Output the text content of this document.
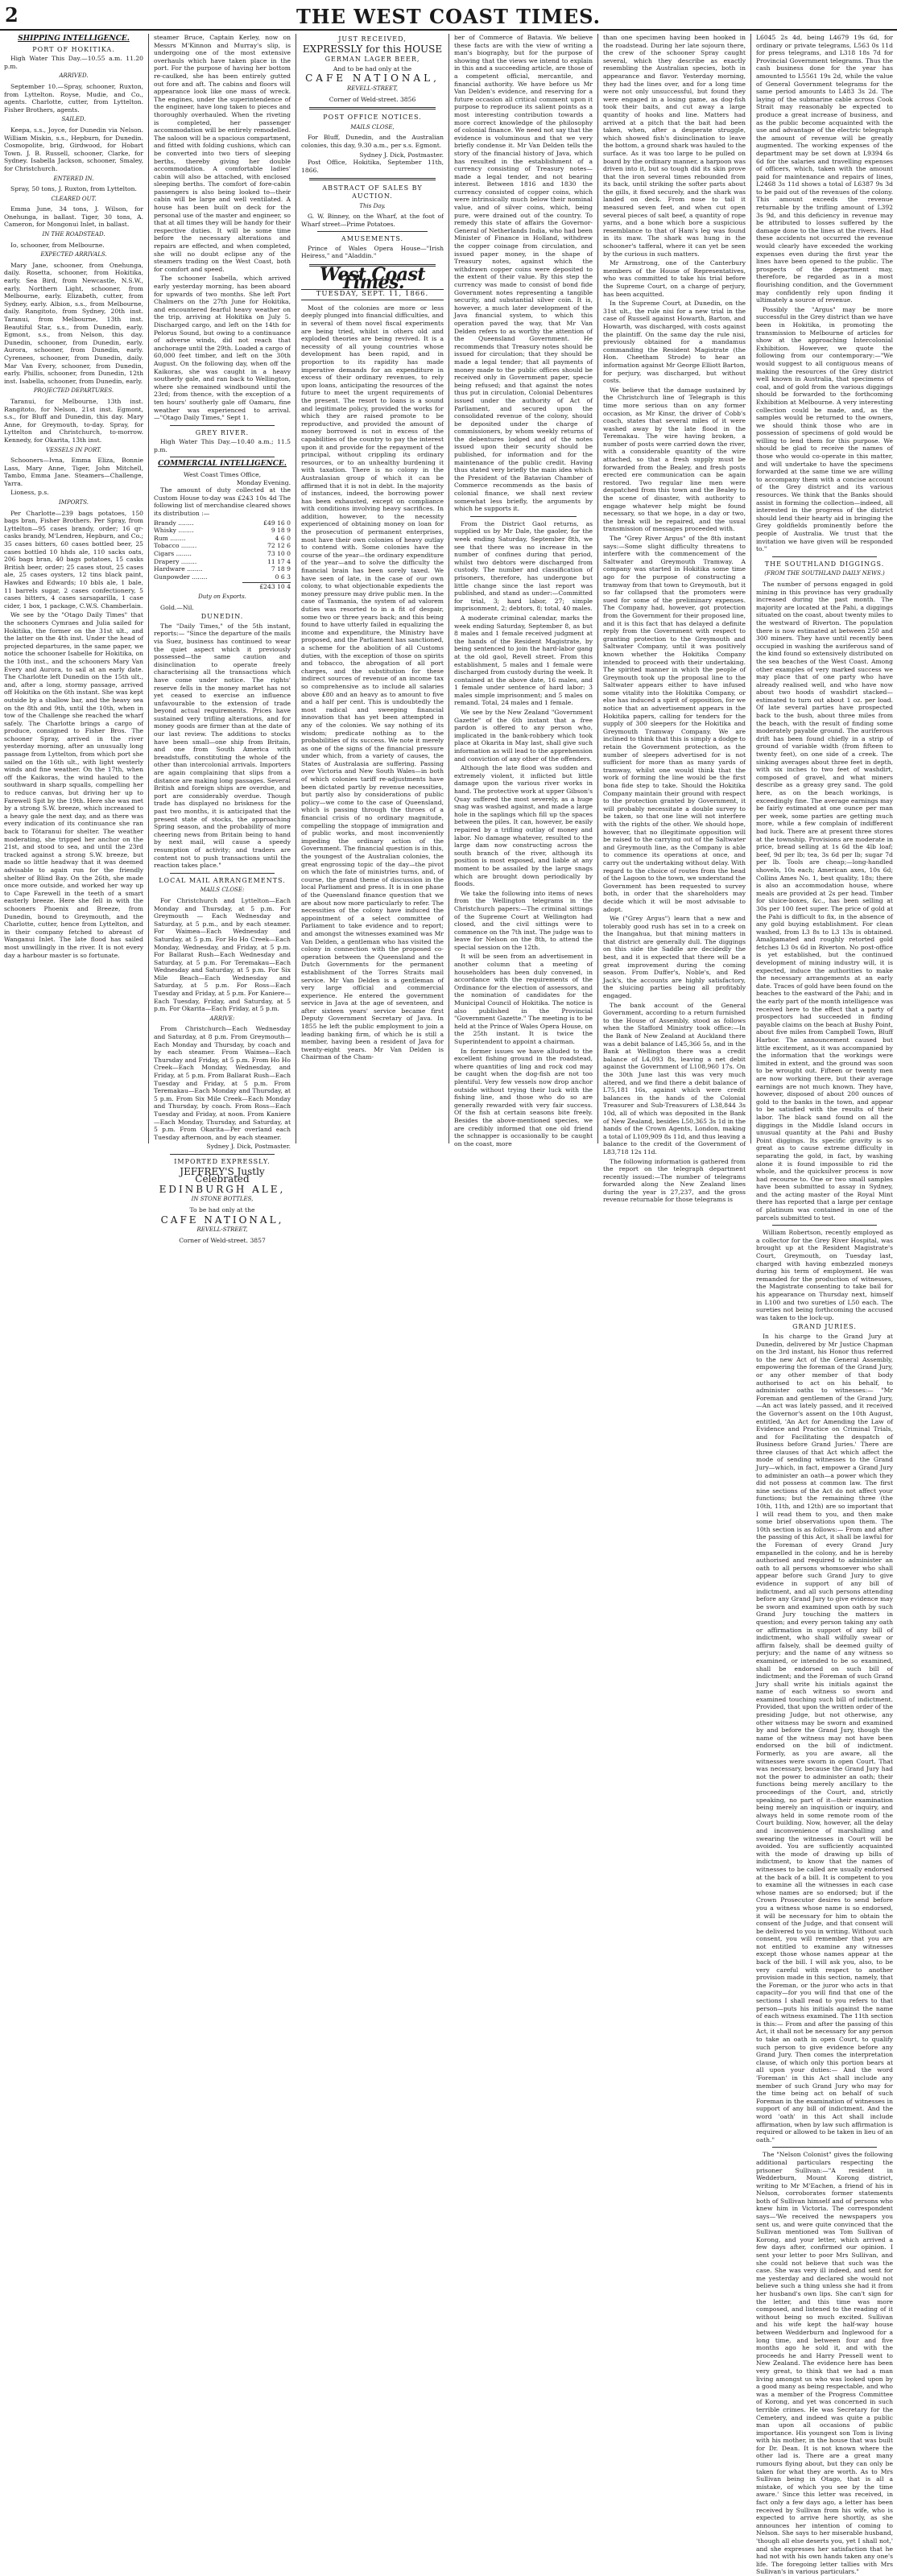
2	THE WEST COAST TIMES.
SHIPPING INTELLIGENCE.
PORT OF HOKITIKA.

High Water This Day.—10.55 a.m. 11.20 p.m.

ARRIVED.

September 10.—Spray, schooner, Ruxton, from Lyttelton. Royse, Mudie, and Co., agents. Charlotte, cutter, from Lyttelton. Fisher Brothers, agents.

SAILED.

Keepa, s.s., Joyce, for Dunedin via Nelson. William Miskin, s.s., Hepburn, for Dunedin. Cosmopolite, brig, Girdwood, for Hobart Town. J. B. Russell, schooner, Clarke, for Sydney. Isabella Jackson, schooner, Smaley, for Christchurch.

ENTERED IN.

Spray, 50 tons, J. Ruxton, from Lyttelton.

CLEARED OUT.

Emma June, 34 tons, J. Wilson, for Onehunga, in ballast. Tiger, 30 tons, A. Cameron, for Mongonui Inlet, in ballast.

IN THE ROADSTEAD.

Io, schooner, from Melbourne.

EXPECTED ARRIVALS.

Mary Jane, schooner, from Onehunga, daily. Rosetta, schooner, from Hokitika, early. Sea Bird, from Newcastle, N.S.W., early. Northern Light, schooner, from Melbourne, early. Elizabeth, cutter, from Sydney, early. Albion, s.s., from Melbourne, daily. Rangitoto, from Sydney, 20th inst. Taranui, from Melbourne, 13th inst. Beautiful Star, s.s., from Dunedin, early. Egmont, s.s., from Nelson, this day. Dunedin, schooner, from Dunedin, early. Aurora, schooner, from Dunedin, early. Cyrenees, schooner, from Dunedin, daily. Mar Van Every, schooner, from Dunedin, early. Phillis, schooner, from Dunedin, 12th inst. Isabella, schooner, from Dunedin, early.

PROJECTED DEPARTURES.

Taranui, for Melbourne, 13th inst. Rangitoto, for Nelson, 21st inst. Egmont, s.s., for Bluff and Dunedin, this day. Mary Anne, for Greymouth, to-day. Spray, for Lyttelton and Christchurch, to-morrow. Kennedy, for Okarita, 13th inst.

VESSELS IN PORT.

Schooners—Ivna, Emma Eliza, Bonnie Lass, Mary Anne, Tiger, John Mitchell, Tambo, Emma Jane. Steamers—Challenge, Yarra.

Lioness, p.s.

IMPORTS.

Per Charlotte—239 bags potatoes, 150 bags bran, Fisher Brothers. Per Spray, from Lyttelton—95 cases brandy, order; 16 qr-casks brandy, M'Lendren, Hepburn, and Co.; 35 cases bitters, 60 cases bottled beer, 25 cases bottled 10 hhds ale, 110 sacks oats, 206 bags bran, 40 bags potatoes, 15 casks British beer, order; 25 cases stout, 25 cases ale, 25 cases oysters, 12 tins black paint, Hawkes and Edwards; 10 bbls ale, 1 bale, 11 barrels sugar, 2 cases confectionery, 5 cases bitters, 4 cases sarsaparilla, 1 case cider, 1 box, 1 package, C.W.S. Chamberlain.

We see by the "Otago Daily Times" that the schooners Cymraes and Julia sailed for Hokitika, the former on the 31st ult., and the latter on the 4th inst. Under the head of projected departures, in the same paper, we notice the schooner Isabelle for Hokitika, on the 10th inst., and the schooners Mary Van Every and Aurora, to sail at an early date. The Charlotte left Dunedin on the 15th ult., and, after a long, stormy passage, arrived off Hokitika on the 6th instant. She was kept outside by a shallow bar, and the heavy sea on the 8th and 9th, until the 10th, when in tow of the Challenge she reached the wharf safely. The Charlotte brings a cargo of produce, consigned to Fisher Bros. The schooner Spray, arrived in the river yesterday morning, after an unusually long passage from Lyttelton, from which port she sailed on the 16th ult., with light westerly winds and fine weather. On the 17th, when off the Kaikoras, the wind hauled to the southward in sharp squalls, compelling her to reduce canvas, but driving her up to Farewell Spit by the 19th. Here she was met by a strong S.W. breeze, which increased to a heavy gale the next day, and as there was every indication of its continuance she ran back to Tôtaranui for shelter. The weather moderating, she tripped her anchor on the 21st, and stood to sea, and until the 23rd tracked against a strong S.W. breeze, but made so little headway that it was deemed advisable to again run for the friendly shelter of Blind Bay. On the 26th, she made once more outside, and worked her way up to Cape Farewell in the teeth of a smart easterly breeze. Here she fell in with the schooners Phoenix and Breeze, from Dunedin, bound to Greymouth, and the Charlotte, cutter, hence from Lyttelton, and in their company fetched to abreast of Wanganui Inlet. The late flood has sailed most unwillingly in the river. It is not every day a harbour master is so fortunate.

steamer Bruce, Captain Kerley, now on Messrs M'Kinnon and Murray's slip, is undergoing one of the most extensive overhauls which have taken place in the port. For the purpose of having her bottom re-caulked, she has been entirely gutted out fore and aft. The cabins and floors will appearance look like one mass of wreck. The engines, under the superintendence of the engineer, have long taken to pieces and thoroughly overhauled. When the riveting is completed, her passenger accommodation will be entirely remodelled. The saloon will be a spacious compartment, and fitted with folding cushions, which can be converted into two tiers of sleeping berths, thereby giving her double accommodation. A comfortable ladies' cabin will also be attached, with enclosed sleeping berths. The comfort of fore-cabin passengers is also being looked to—their cabin will be large and well ventilated. A house has been built on deck for the personal use of the master and engineer, so that at all times they will be handy for their respective duties. It will be some time before the necessary alterations and repairs are effected, and when completed, she will no doubt eclipse any of the steamers trading on the West Coast, both for comfort and speed.

The schooner Isabella, which arrived early yesterday morning, has been aboard for upwards of two months. She left Port Chalmers on the 27th June for Hokitika, and encountered fearful heavy weather on the trip, arriving at Hokitika on July 5. Discharged cargo, and left on the 14th for Pelorus Sound, but owing to a continuance of adverse winds, did not reach that anchorage until the 29th. Loaded a cargo of 60,000 feet timber, and left on the 30th August. On the following day, when off the Kaikoras, she was caught in a heavy southerly gale, and ran back to Wellington, where she remained windbound until the 23rd; from thence, with the exception of a ten hours' southerly gale off Oamaru, fine weather was experienced to arrival.—"Otago Daily Times," Sept 1.

GREY RIVER.

High Water This Day.—10.40 a.m.; 11.5 p.m.

COMMERCIAL INTELLIGENCE.
West Coast Times Office,
Monday Evening.

The amount of duty collected at the Custom House to-day was £243 10s 4d The following list of merchandise cleared shows its distribution :—

Brandy ........	£49 16 0
Whisky ........	9 18 9
Rum ........	4 6 0
Tobacco ........	72 12 6
Cigars ........	73 10 0
Drapery ........	11 17 4
Hardware ........	7 18 9
Gunpowder ........	0 6 3
£243 10 4
Duty on Exports.

Gold.—Nil.

DUNEDIN.

The "Daily Times," of the 5th instant, reports:— "Since the departure of the mails via Suez, business has continued to wear the quiet aspect which it previously possessed—the same caution and disinclination to operate freely characterising all the transactions which have come under notice. The rights' reserve fells in the money market has not yet ceased to exercise an influence unfavourable to the extension of trade beyond actual requirements. Prices have sustained very trifling alterations, and for money goods are firmer than at the date of our last review. The additions to stocks have been small—one ship from Britain, and one from South America with breadstuffs, constituting the whole of the other than intercolonial arrivals. Importers are again complaining that slips from a distance are making long passages. Several British and foreign ships are overdue, and port are considerably overdue. Though trade has displayed no briskness for the past two months, it is anticipated that the present state of stocks, the approaching Spring season, and the probability of more cheering news from Britain being to hand by next mail, will cause a speedy resumption of activity; and traders are content not to push transactions until the reaction takes place."

LOCAL MAIL ARRANGEMENTS.
MAILS CLOSE:

For Christchurch and Lyttelton—Each Monday and Thursday, at 5 p.m. For Greymouth — Each Wednesday and Saturday, at 5 p.m., and by each steamer. For Waimea—Each Wednesday and Saturday, at 5 p.m. For Ho Ho Creek—Each Monday, Wednesday, and Friday, at 5 p.m. For Ballarat Rush—Each Wednesday and Saturday, at 5 p.m. For Teremakau—Each Wednesday and Saturday, at 5 p.m. For Six Mile Beach—Each Wednesday and Saturday, at 5 p.m. For Ross—Each Tuesday and Friday, at 5 p.m. For Kaniere—Each Tuesday, Friday, and Saturday, at 5 p.m. For Okarita—Each Friday, at 5 p.m.

ARRIVE:

From Christchurch—Each Wednesday and Saturday, at 8 p.m. From Greymouth—Each Monday and Thursday, by coach and by each steamer. From Waimea—Each Thursday and Friday, at 5 p.m. From Ho Ho Creek—Each Monday, Wednesday, and Friday, at 5 p.m. From Ballarat Rush—Each Tuesday and Friday, at 5 p.m. From Teremakau—Each Monday and Thursday, at 5 p.m. From Six Mile Creek—Each Monday and Thursday, by coach. From Ross—Each Tuesday and Friday, at noon. From Kaniere—Each Monday, Thursday, and Saturday, at 5 p.m. From Okarita—Per overland each Tuesday afternoon, and by each steamer.

Sydney J. Dick, Postmaster.
IMPORTED EXPRESSLY.
JEFFREY'S Justly Celebrated
EDINBURGH ALE,
IN STONE BOTTLES,
To be had only at the
CAFE NATIONAL,
REVELL-STREET,
Corner of Weld-street. 3857
JUST RECEIVED,
EXPRESSLY for this HOUSE
GERMAN LAGER BEER,
And to be had only at the
CAFE NATIONAL,
REVELL-STREET,
Corner of Weld-street. 3856
POST OFFICE NOTICES.
MAILS CLOSE,

For Bluff, Dunedin, and the Australian colonies, this day, 9.30 a.m., per s.s. Egmont.

Sydney J. Dick, Postmaster.

Post Office, Hokitika, September 11th, 1866.

ABSTRACT OF SALES BY AUCTION.
This Day.

G. W. Binney, on the Wharf, at the foot of Wharf street—Prime Potatoes.

AMUSEMENTS.

Prince of Wales Opera House—"Irish Heiress," and "Aladdin."

West Coast Times.
TUESDAY, SEPT. 11, 1866.

Most of the colonies are more or less deeply plunged into financial difficulties, and in several of them novel fiscal experiments are being tried, whilst in others old and exploded theories are being revived. It is a necessity of all young countries whose development has been rapid, and in proportion to its rapidity has made imperative demands for an expenditure in excess of their ordinary revenues, to rely upon loans, anticipating the resources of the future to meet the urgent requirements of the present. The resort to loans is a sound and legitimate policy, provided the works for which they are raised promote to be reproductive, and provided the amount of money borrowed is not in excess of the capabilities of the country to pay the interest upon it and provide for the repayment of the principal, without crippling its ordinary resources, or to an unhealthy burdening it with taxation. There is no colony in the Australasian group of which it can be affirmed that it is not in debt. In the majority of instances, indeed, the borrowing power has been exhausted, except on compliance with conditions involving heavy sacrifices. In addition, however, to the necessity experienced of obtaining money on loan for the prosecution of permanent enterprises, most have their own colonies of heavy outlay to contend with. Some colonies have the course of the year—the ordinary expenditure of the year—and to solve the difficulty the financial brain has been sorely taxed. We have seen of late, in the case of our own colony, to what objectionable expedients the money pressure may drive public men. In the case of Tasmania, the system of ad valorem duties was resorted to in a fit of despair, some two or three years back; and this being found to have utterly failed in equalizing the income and expenditure, the Ministry have proposed, and the Parliament has sanctioned, a scheme for the abolition of all Customs duties, with the exception of those on spirits and tobacco, the abrogation of all port charges, and the substitution for these indirect sources of revenue of an income tax so comprehensive as to include all salaries above £80 and an heavy as to amount to five and a half per cent. This is undoubtedly the most radical and sweeping financial innovation that has yet been attempted in any of the colonies. We say nothing of its wisdom; predicate nothing as to the probabilities of its success. We note it merely as one of the signs of the financial pressure under which, from a variety of causes, the States of Australasia are suffering. Passing over Victoria and New South Wales—in both of which colonies tariff re-adjustments have been dictated partly by revenue necessities, but partly also by considerations of public policy—we come to the case of Queensland, which is passing through the throes of a financial crisis of no ordinary magnitude, compelling the stoppage of immigration and of public works, and most inconveniently impeding the ordinary action of the Government. The financial question is in this, the youngest of the Australian colonies, the great engrossing topic of the day—the pivot on which the fate of ministries turns, and, of course, the grand theme of discussion in the local Parliament and press. It is in one phase of the Queensland finance question that we are about now more particularly to refer. The necessities of the colony have induced the appointment of a select committee of Parliament to take evidence and to report; and amongst the witnesses examined was Mr Van Delden, a gentleman who has visited the colony in connection with the proposed co-operation between the Queensland and the Dutch Governments for the permanent establishment of the Torres Straits mail service. Mr Van Delden is a gentleman of very large official and commercial experience. He entered the government service in Java at the age of seventeen, and after sixteen years' service became first Deputy Government Secretary of Java. In 1855 he left the public employment to join a leading banking firm, of which he is still a member, having been a resident of Java for twenty-eight years. Mr Van Delden is Chairman of the Cham-

ber of Commerce of Batavia. We believe these facts are with the view of writing a man's biography, but for the purpose of showing that the views we intend to explain in this and a succeeding article, are those of a competent official, mercantile, and financial authority. We have before us Mr Van Delden's evidence, and reserving for a future occasion all critical comment upon it purpose to reproduce its salient points as a most interesting contribution towards a more correct knowledge of the philosophy of colonial finance. We need not say that the evidence is voluminous and that we very briefly condense it. Mr Van Delden tells the story of the financial history of Java, which has resulted in the establishment of a currency consisting of Treasury notes—made a legal tender, and not bearing interest. Between 1816 and 1830 the currency consisted of copper coins, which were intrinsically much below their nominal value, and of silver coins, which, being pure, were drained out of the country. To remedy this state of affairs the Governor-General of Netherlands India, who had been Minister of Finance in Holland, withdrew the copper coinage from circulation, and issued paper money, in the shape of Treasury notes, against which the withdrawn copper coins were deposited to the extent of their value. By this step the currency was made to consist of bond fide Government notes representing a tangible security, and substantial silver coin. It is, however, a much later development of the Java financial system, to which this operation paved the way, that Mr Van Delden refers to as worthy the attention of the Queensland Government. He recommends that Treasury notes should be issued for circulation; that they should be made a legal tender; that all payments of money made to the public offices should be received only in Government paper, specie being refused; and that against the notes thus put in circulation, Colonial Debentures issued under the authority of Act of Parliament, and secured upon the consolidated revenue of the colony, should be deposited under the charge of commissioners, by whom weekly returns of the debentures lodged and of the notes issued upon their security should be published, for information and for the maintenance of the public credit. Having thus stated very briefly the main idea which the President of the Batavian Chamber of Commerce recommends as the basis of colonial finance, we shall next review somewhat less briefly, the arguments by which he supports it.

From the District Gaol returns, as supplied us by Mr Dale, the gaoler, for the week ending Saturday, September 8th, we see that there was no increase in the number of confines during that period, whilst two debtors were discharged from custody. The number and classification of prisoners, therefore, has undergone but little change since the last report was published, and stand as under:—Committed for trial, 3; hard labor, 27; simple imprisonment, 2; debtors, 8; total, 40 males.

A moderate criminal calendar, marks the week ending Saturday, September 8, as but 8 males and 1 female received judgment at the hands of the Resident Magistrate, by being sentenced to join the hard-labor gang at the old gaol, Revell street. From this establishment, 5 males and 1 female were discharged from custody during the week. It contained at the above date, 16 males, and 1 female under sentence of hard labor; 3 males simple imprisonment; and 5 males on remand. Total, 24 males and 1 female.

We see by the New Zealand "Government Gazette" of the 6th instant that a free pardon is offered to any person who, implicated in the bank-robbery which took place at Okarita in May last, shall give such information as will lead to the apprehension and conviction of any other of the offenders.

Although the late flood was sudden and extremely violent, it inflicted but little damage upon the various river works in hand. The protective work at upper Gibson's Quay suffered the most severely, as a huge snag was washed against, and made a large hole in the saplings which fill up the spaces between the piles. It can, however, be easily repaired by a trifling outlay of money and labor. No damage whatever, resulted to the large dam now constructing across the south branch of the river, although its position is most exposed, and liable at any moment to be assailed by the large snags which are brought down periodically by floods.

We take the following into items of news from the Wellington telegrams in the Christchurch papers:—The criminal sittings of the Supreme Court at Wellington had closed, and the civil sittings were to commence on the 7th inst. The judge was to leave for Nelson on the 8th, to attend the special session on the 12th.

It will be seen from an advertisement in another column that a meeting of householders has been duly convened, in accordance with the requirements of the Ordinance for the election of assessors, and the nomination of candidates for the Municipal Council of Hokitika. The notice is also published in the Provincial "Government Gazette." The meeting is to be held at the Prince of Wales Opera House, on the 25th instant. It is twice the Superintendent to appoint a chairman.

In former issues we have alluded to the excellent fishing ground in the roadstead, where quantities of ling and rock cod may be caught when the dog-fish are not too plentiful. Very few vessels now drop anchor outside without trying their luck with the fishing line, and those who do so are generally rewarded with very fair success. Of the fish at certain seasons bite freely. Besides the above-mentioned species, we are credibly informed that one old friend the schnapper is occasionally to be caught on the coast, more

than one specimen having been hooked in the roadstead. During her late sojourn there, the crew of the schooner Spray caught several, which they describe as exactly resembling the Australian species, both in appearance and flavor. Yesterday morning, they had the lines over, and for a long time were not only unsuccessful, but found they were engaged in a losing game, as dog-fish took their baits, and cut away a large quantity of hooks and line. Matters had arrived at a pitch that the bait had been taken, when, after a desperate struggle, which showed fish's disinclination to leave the bottom, a ground shark was hauled to the surface. As it was too large to be pulled on board by the ordinary manner, a harpoon was driven into it, but so tough did its skin prove that the iron several times rebounded from its back, until striking the softer parts about the gills, it fixed securely, and the shark was landed on deck. From nose to tail it measured seven feet, and when cut open several pieces of salt beef, a quantity of rope yarns, and a bone which bore a suspicious resemblance to that of Ham's leg was found in its maw. The shark was hung in the schooner's tafferal, where it can yet be seen by the curious in such matters.

Mr Armstrong, one of the Canterbury members of the House of Representatives, who was committed to take his trial before the Supreme Court, on a charge of perjury, has been acquitted.

In the Supreme Court, at Dunedin, on the 31st ult., the rule nisi for a new trial in the case of Russell against Howarth, Barton, and Howarth, was discharged, with costs against the plaintiff. On the same day the rule nisi, previously obtained for a mandamus commanding the Resident Magistrate (the Hon. Cheetham Strode) to hear an information against Mr George Elliott Barton, for perjury, was discharged, but without costs.

We believe that the damage sustained by the Christchurch line of Telegraph is this time more serious than on any former occasion, as Mr Kinsr, the driver of Cobb's coach, states that several miles of it were washed away by the late flood in the Teremakau. The wire having broken, a number of posts were carried down the river, with a considerable quantity of the wire attached, so that a fresh supply must be forwarded from the Bealey, and fresh posts erected ere communication can be again restored. Two regular line men were despatched from this town and the Bealey to the scene of disaster, with authority to engage whatever help might be found necessary, so that we hope, in a day or two, the break will be repaired, and the usual transmission of messages proceeded with.

The "Grey River Argus" of the 8th instant says:—Some slight difficulty threatens to interfere with the commencement of the Saltwater and Greymouth Tramway. A company was started in Hokitika some time ago for the purpose of constructing a tramway from that town to Greymouth, but it so far collapsed that the promoters were sued for some of the preliminary expenses. The Company had, however, got protection from the Government for their proposed line, and it is this fact that has delayed a definite reply from the Government with respect to granting protection to the Greymouth and Saltwater Company, until it was positively known whether the Hokitika Company intended to proceed with their undertaking. The spirited manner in which the people of Greymouth took up the proposal line to the Saltwater appears either to have infused some vitality into the Hokitika Company, or else has induced a spirit of opposition, for we notice that an advertisement appears in the Hokitika papers, calling for tenders for the supply of 300 sleepers for the Hokitika and Greymouth Tramway Company. We are inclined to think that this is simply a dodge to retain the Government protection, as the number of sleepers advertised for is not sufficient for more than as many yards of tramway, whilst one would think that the work of forming the line would be the first bona fide step to take. Should the Hokitika Company maintain their ground with respect to the protection granted by Government, it will probably necessitate a double survey to be taken, so that one line will not interfere with the rights of the other. We should hope, however, that no illegitimate opposition will be raised to the carrying out of the Saltwater and Greymouth line, as the Company is able to commence its operations at once, and carry out the undertaking without delay. With regard to the choice of routes from the head of the Lagoon to the town, we understand the Government has been requested to survey both, in order that the shareholders may decide which it will be most advisable to adopt.

We ("Grey Argus") learn that a new and tolerably good rush has set in to a creek on the Inangahua, but that mining matters in that district are generally dull. The diggings on this side the Saddle are decidedly the best, and it is expected that there will be a great improvement during the coming season. From Duffer's, Noble's, and Red Jack's, the accounts are highly satisfactory, the sluicing parties being all profitably engaged.

The bank account of the General Government, according to a return furnished to the House of Assembly, stood as follows when the Stafford Ministry took office:—In the Bank of New Zealand at Auckland there was a debit balance of L45,366 5s, and in the Bank at Wellington there was a credit balance of L4,093 8s, leaving a net debit against the Government of L108,960 17s. On the 30th June last this was very much altered, and we find there a debit balance of L75,181 16s, against which were credit balances in the hands of the Colonial Treasurer and Sub-Treasurers of L38,844 3s 10d, all of which was deposited in the Bank of New Zealand, besides L50,365 3s 1d in the hands of the Crown Agents, London, making a total of L109,909 8s 11d, and thus leaving a balance to the credit of the Government of L83,718 12s 11d.

The following information is gathered from the report on the telegraph department recently issued:—The number of telegrams forwarded along the New Zealand lines during the year is 27,237, and the gross revenue returnable for those telegrams is

L6045 2s 4d, being L4679 19s 6d, for ordinary or private telegrams, L563 0s 11d for press telegrams, and L318 18s 7d for Provincial Government telegrams. Thus the cash business done for the year has amounted to L5561 19s 2d, while the value of General Government telegrams for the same period amounts to L483 3s 2d. The laying of the submarine cable across Cook Strait may reasonably be expected to produce a great increase of business, and as the public become acquainted with the use and advantage of the electric telegraph the amount of revenue will be greatly augmented. The working expenses of the department may be set down at L9394 6s 6d for the salaries and travelling expenses of officers, which, taken with the amount paid for maintenance and repairs of lines, L2468 3s 11d shows a total of L6387 9s 3d to be paid out of the revenues of the colony. This amount exceeds the revenue returnable by the trifling amount of L392 3s 9d, and this deficiency in revenue may be attributed to losses suffered by the damage done to the lines at the rivers. Had these accidents not occurred the revenue would clearly have exceeded the working expenses even during the first year the lines have been opened to the public. The prospects of the department may, therefore, be regarded as in a most flourishing condition, and the Government may confidently rely upon finding it ultimately a source of revenue.

Possibly the "Argus" may be more successful in the Grey district than we have been in Hokitika, in promoting the transmission to Melbourne of articles for show at the approaching Intercolonial Exhibition. However, we quote the following from our contemporary:—"We would suggest to all contiguous means of making the resources of the Grey district well known in Australia, that specimens of coal, and of gold from the various diggings should be forwarded to the forthcoming Exhibition at Melbourne. A very interesting collection could be made, and, as the samples would be returned to the owners, we should think those who are in possession of specimens of gold would be willing to lend them for this purpose. We should be glad to receive the names of those who would co-operate in this matter, and will undertake to have the specimens forwarded at the same time we are willing to accompany them with a concise account of the Grey district and its various resources. We think that the Banks should assist in forming the collection—indeed, all interested in the progress of the district should lend their hearty aid in bringing the Grey goldfields prominently before the people of Australia. We trust that the invitation we have given will be responded to."

THE SOUTHLAND DIGGINGS.
(FROM THE SOUTHLAND DAILY NEWS.)

The number of persons engaged in gold mining in this province has very gradually increased during the past month. The majority are located at the Pahi, a diggings situated on the coast, about twenty miles to the westward of Riverton. The population there is now estimated at between 250 and 300 miners. They have until recently been occupied in washing the auriferous sand of the kind found so extensively distributed on the sea beaches of the West Coast. Among other examples of very marked success we may place that of one party who have already realised well, and who have now about two hoods of washdirt stacked—estimated to turn out about 1 oz. per load. Of late several parties have prospected back to the bush, about three miles from the beach, with the result of finding some moderately payable ground. The auriferous drift has been found chiefly in a strip of ground of variable width (from fifteen to twenty feet), on one side of a creek. The sinking averages about three feet in depth, with six inches to two feet of washdirt, composed of gravel, and what miners describe as a greasy grey sand. The gold here, as on the beach workings, is exceedingly fine. The average earnings may be fairly estimated at one ounce per man per week, some parties are getting much more, while a few complain of indifferent bad luck. There are at present three stores at the township. Provisions are moderate in price, bread selling at 1s 6d the 4lb loaf; beef, 9d per lb; tea, 3s 6d per lb; sugar 7d per lb. Tools are cheap;—long-handled shovels, 10s each; American axes, 10s 6d; Collins Ames No. 1, best quality, 18s; there is also an accommodation house, where meals are provided at 2s per head. Timber for sluice-boxes, &c., has been selling at 30s per 100 feet super. The price of gold at the Pahi is difficult to fix, in the absence of any gold buying establishment. For clean washed, from L3 8s to L3 13s is obtained. Amalgamated and roughly retorted gold fetches L3 0s 6d in Riverton. No post-office is yet established, but the continued development of mining industry will, it is expected, induce the authorities to make the necessary arrangements at an early date. Traces of gold have been found on the beaches to the eastward of the Pahi; and in the early part of the month intelligence was received here to the effect that a party of prospectors had succeeded in finding payable claims on the beach at Bushy Point, about five miles from Campbell Town, Bluff Harbor. The announcement caused but little excitement, as it was accompanied by the information that the workings were limited in extent, and the ground was soon to be wrought out. Fifteen or twenty men are now working there, but their average earnings are not much known. They have, however, disposed of about 200 ounces of gold to the banks in the town, and appear to be satisfied with the results of their labor. The black sand found on all the diggings in the Middle Island occurs in unusual quantity at the Pahi and Bushy Point diggings. Its specific gravity is so great as to cause extreme difficulty in separating the gold, in fact, by washing alone it is found impossible to rid the whole, and the quicksilver process is now had recourse to. One or two small samples have been submitted to assay in Sydney, and the acting master of the Royal Mint there has reported that a large per centage of platinum was contained in one of the parcels submitted to test.

William Robertson, recently employed as a collector for the Grey River Hospital, was brought up at the Resident Magistrate's Court, Greymouth, on Tuesday last, charged with having embezzled moneys during his term of employment. He was remanded for the production of witnesses, the Magistrate consenting to take bail for his appearance on Thursday next, himself in L100 and two sureties of L50 each. The sureties not being forthcoming the accused was taken to the lock-up.

GRAND JURIES.

In his charge to the Grand Jury at Dunedin, delivered by Mr Justice Chapman on the 3rd instant, his Honor thus referred to the new Act of the General Assembly, empowering the foreman of the Grand Jury, or any other member of that body authorised to act on his behalf, to administer oaths to witnesses:— "Mr Foreman and gentlemen of the Grand Jury,—An act was lately passed, and it received the Governor's assent on the 10th August, entitled, 'An Act for Amending the Law of Evidence and Practice on Criminal Trials, and for Facilitating the despatch of Business before Grand Juries.' There are three clauses of that Act which affect the mode of sending witnesses to the Grand Jury—which, in fact, empower a Grand Jury to administer an oath—a power which they did not possess at common law. The first nine sections of the Act do not affect your functions; but the remaining three (the 10th, 11th, and 12th) are so important that I will read them to you, and then make some brief observations upon them. The 10th section is as follows:— From and after the passing of this Act, it shall be lawful for the Foreman of every Grand Jury empanelled in the colony, and he is hereby authorised and required to administer an oath to all persons whomsoever who shall appear before such Grand Jury to give evidence in support of any bill of indictment, and all such persons attending before any Grand Jury to give evidence may be sworn and examined upon oath by such Grand Jury touching the matters in question; and every person taking any oath or affirmation in support of any bill of indictment, who shall wilfully swear or affirm falsely, shall be deemed guilty of perjury; and the name of any witness so examined, or intended to be so examined, shall be endorsed on such bill of indictment; and the Foreman of such Grand Jury shall write his initials against the name of each witness so sworn and examined touching such bill of indictment. Provided, that upon the written order of the presiding Judge, but not otherwise, any other witness may be sworn and examined by and before the Grand Jury, though the name of the witness may not have been endorsed on the bill of indictment. Formerly, as you are aware, all the witnesses were sworn in open Court. That was necessary, because the Grand Jury had not the power to administer an oath; their functions being merely ancillary to the proceedings of the Court, and, strictly speaking, no part of it—their examination being merely an inquisition or inquiry, and always held in some remote room of the Court building. Now, however, all the delay and inconvenience of marshalling and swearing the witnesses in Court will be avoided. You are sufficiently acquainted with the mode of drawing up bills of indictment, to know that the names of witnesses to be called are usually endorsed at the back of a bill. It is competent to you to examine all the witnesses in each case whose names are so endorsed; but if the Crown Prosecutor desires to send before you a witness whose name is so endorsed, it will be necessary for him to obtain the consent of the Judge, and that consent will be delivered to you in writing. Without such consent, you will remember that you are not entitled to examine any witnesses except those whose names appear at the back of the bill. I will ask you, also, to be very careful with respect to another provision made in this section, namely, that the Foreman, or the juror who acts in that capacity—for you will find that one of the sections I shall read to you refers to that person—puts his initials against the name of each witness examined. The 11th section is this:— From and after the passing of this Act, it shall not be necessary for any person to take an oath in open Court, to qualify such person to give evidence before any Grand Jury. Then comes the interpretation clause, of which only this portion bears at all upon your duties:— And the word 'Foreman' in this Act shall include any member of such Grand Jury who may for the time being act on behalf of such Foreman in the examination of witnesses in support of any bill of indictment. And the word 'oath' in this Act shall include affirmation, when by law such affirmation is required or allowed to be taken in lieu of an oath."

The "Nelson Colonist" gives the following additional particulars respecting the prisoner Sullivan:—"A resident in Wedderburn, Mount Korong district, writing to Mr M'Eachen, a friend of his in Nelson, corroborates former statements both of Sullivan himself and of persons who knew him in Victoria. The correspondent says—'We received the newspapers you sent us, and were quite convinced that the Sullivan mentioned was Tom Sullivan of Korong, and your letter, which arrived a few days after, confirmed our opinion. I sent your letter to poor Mrs Sullivan, and she could not believe that such was the case. She was very ill indeed, and sent for me yesterday and declared she would not believe such a thing unless she had it from her husband's own lips. She can't sign for the letter, and this time was more composed, and listened to the reading of it without being so much excited. Sullivan and his wife kept the half-way house between Wedderburn and Inglewood for a long time, and between four and five months ago he sold it, and with the proceeds he and Harry Pressell went to New Zealand. The evidence here has been very great, to think that we had a man living amongst us who was looked upon by a good many as being respectable, and who was a member of the Progress Committee of Korong, and yet was concerned in such terrible crimes. He was Secretary for the Cemetery, and indeed was quite a public man upon all occasions of public importance. His youngest son Tom is living with his mother, in the house that was built for Dr. Dean. It is not known where the other lad is. There are a great many rumours flying about, but they can only be taken for what they are worth. As to Mrs Sullivan being in Otago, that is all a mistake, of which you see by the time aware.' Since this letter was received, in fact only a few days ago, a letter has been received by Sullivan from his wife, who is expected to arrive here shortly, as she announces her intention of coming to Nelson. She says to her miserable husband, 'though all else deserts you, yet I shall not,' and she expresses her satisfaction that he had not with his own hands taken any one's life. The foregoing letter tallies with Mrs Sullivan's in various particulars."
